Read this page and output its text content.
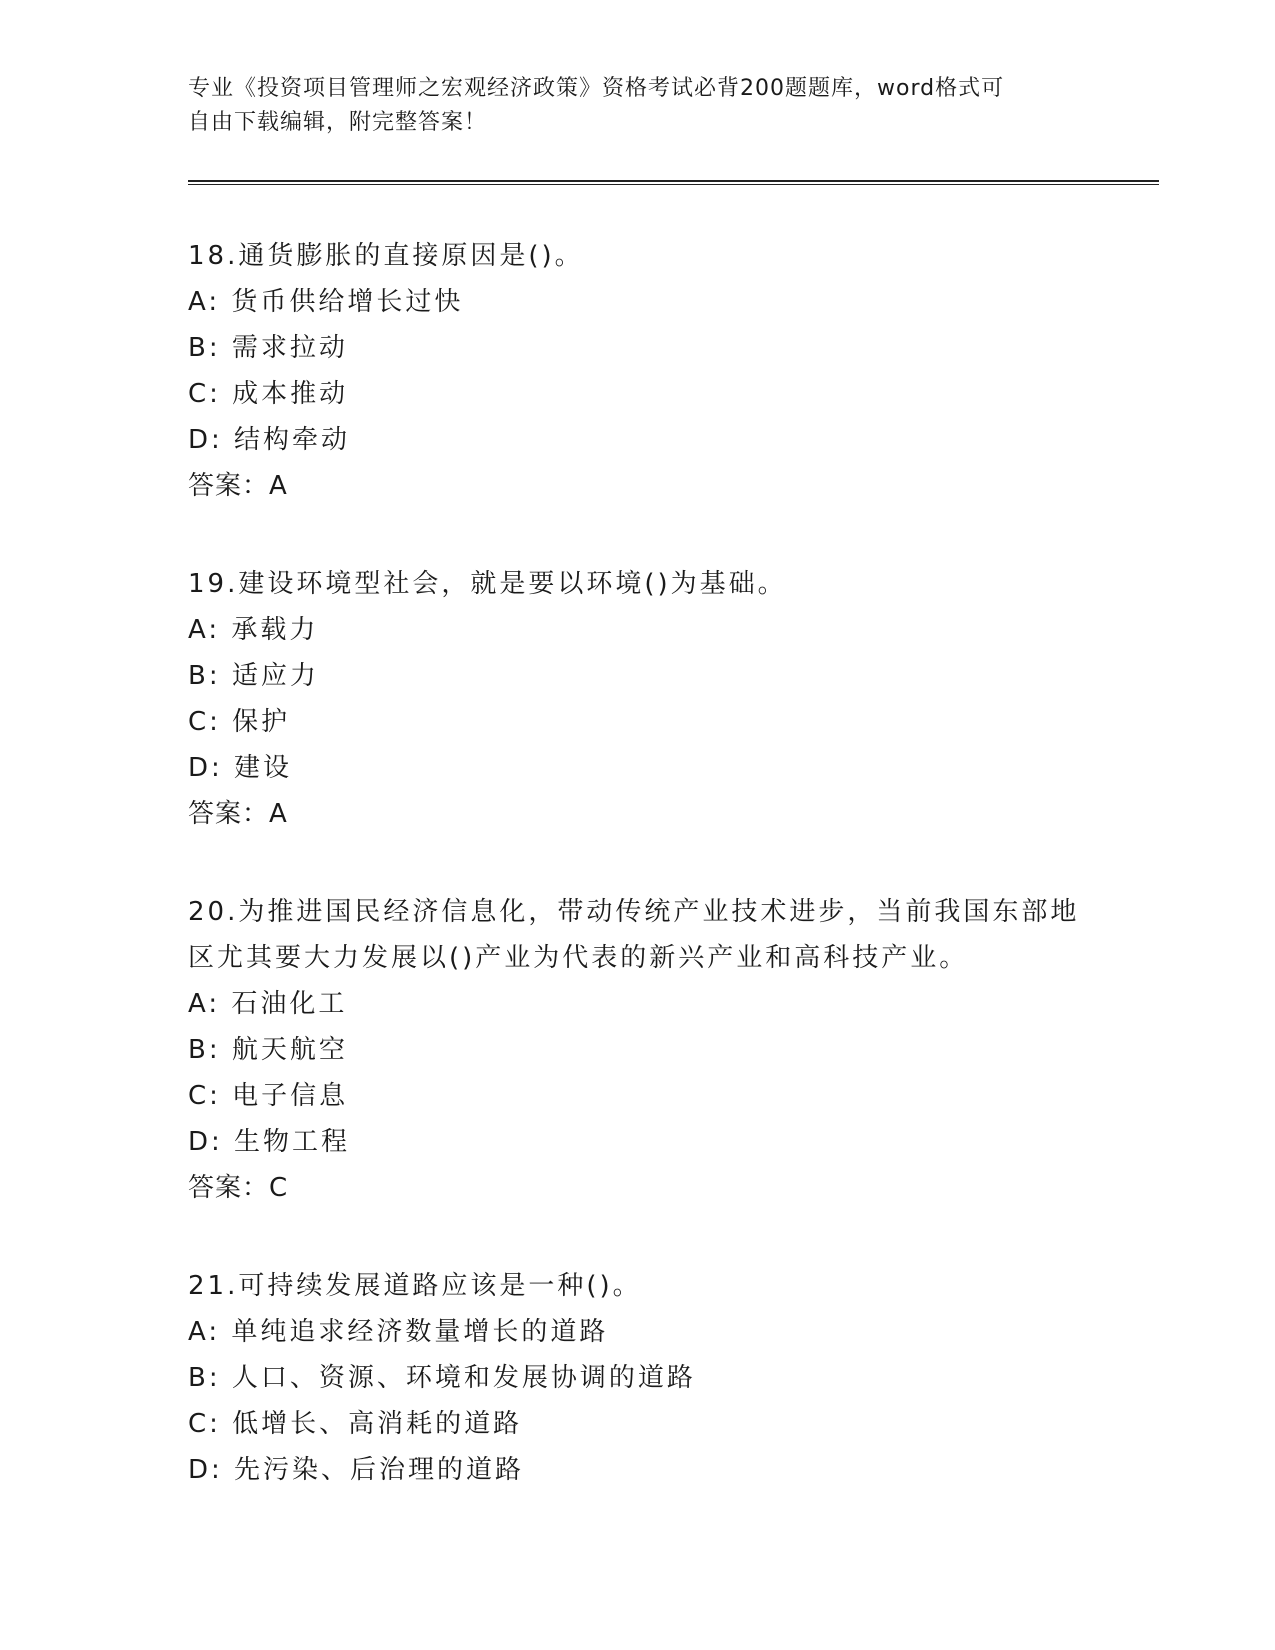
专业《投资项目管理师之宏观经济政策》资格考试必背200题题库，word格式可
自由下载编辑，附完整答案！
18.通货膨胀的直接原因是()。
A: 货币供给增长过快
B: 需求拉动
C: 成本推动
D: 结构牵动
答案：A
19.建设环境型社会，就是要以环境()为基础。
A: 承载力
B: 适应力
C: 保护
D: 建设
答案：A
20.为推进国民经济信息化，带动传统产业技术进步，当前我国东部地区尤其要大力发展以()产业为代表的新兴产业和高科技产业。
A: 石油化工
B: 航天航空
C: 电子信息
D: 生物工程
答案：C
21.可持续发展道路应该是一种()。
A: 单纯追求经济数量增长的道路
B: 人口、资源、环境和发展协调的道路
C: 低增长、高消耗的道路
D: 先污染、后治理的道路
